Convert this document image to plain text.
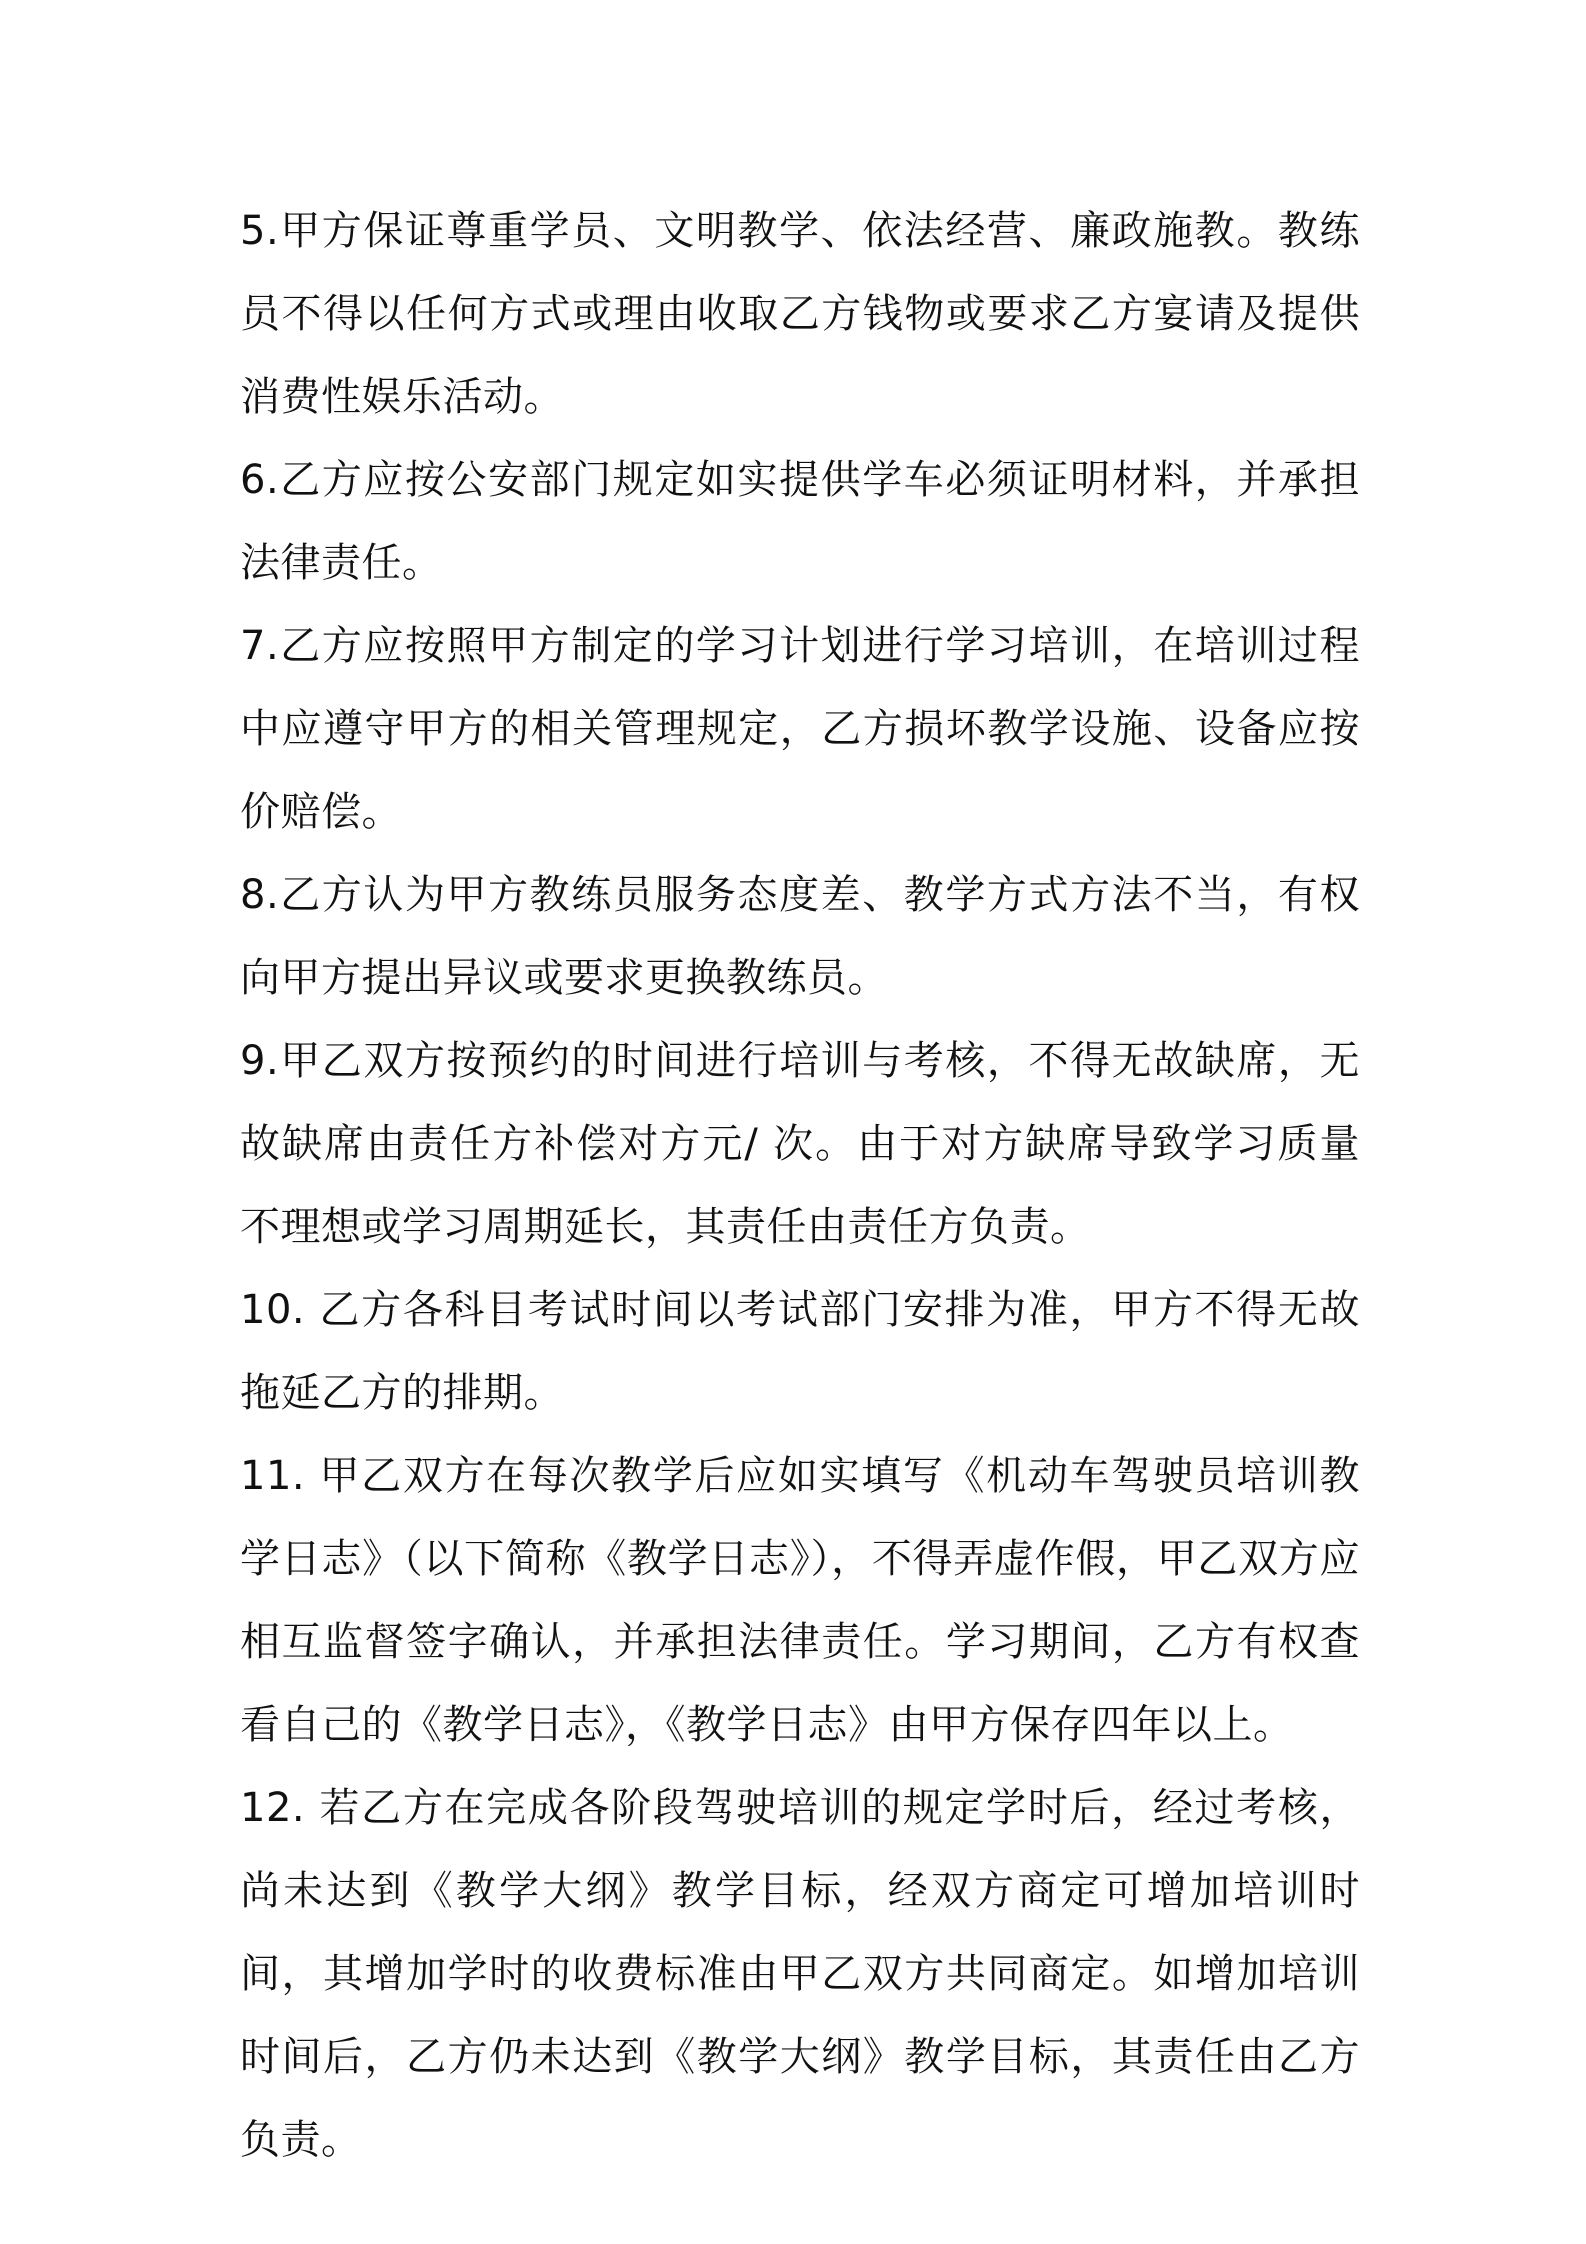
5.甲方保证尊重学员、文明教学、依法经营、廉政施教。教练员不得以任何方式或理由收取乙方钱物或要求乙方宴请及提供消费性娱乐活动。

6.乙方应按公安部门规定如实提供学车必须证明材料，并承担法律责任。

7.乙方应按照甲方制定的学习计划进行学习培训，在培训过程中应遵守甲方的相关管理规定，乙方损坏教学设施、设备应按价赔偿。

8.乙方认为甲方教练员服务态度差、教学方式方法不当，有权向甲方提出异议或要求更换教练员。

9.甲乙双方按预约的时间进行培训与考核，不得无故缺席，无故缺席由责任方补偿对方元/ 次。由于对方缺席导致学习质量不理想或学习周期延长，其责任由责任方负责。

10. 乙方各科目考试时间以考试部门安排为准，甲方不得无故拖延乙方的排期。

11. 甲乙双方在每次教学后应如实填写《机动车驾驶员培训教学日志》（以下简称《教学日志》），不得弄虚作假，甲乙双方应相互监督签字确认，并承担法律责任。学习期间，乙方有权查看自己的《教学日志》，《教学日志》由甲方保存四年以上。

12. 若乙方在完成各阶段驾驶培训的规定学时后，经过考核，尚未达到《教学大纲》教学目标，经双方商定可增加培训时间，其增加学时的收费标准由甲乙双方共同商定。如增加培训时间后，乙方仍未达到《教学大纲》教学目标，其责任由乙方负责。
